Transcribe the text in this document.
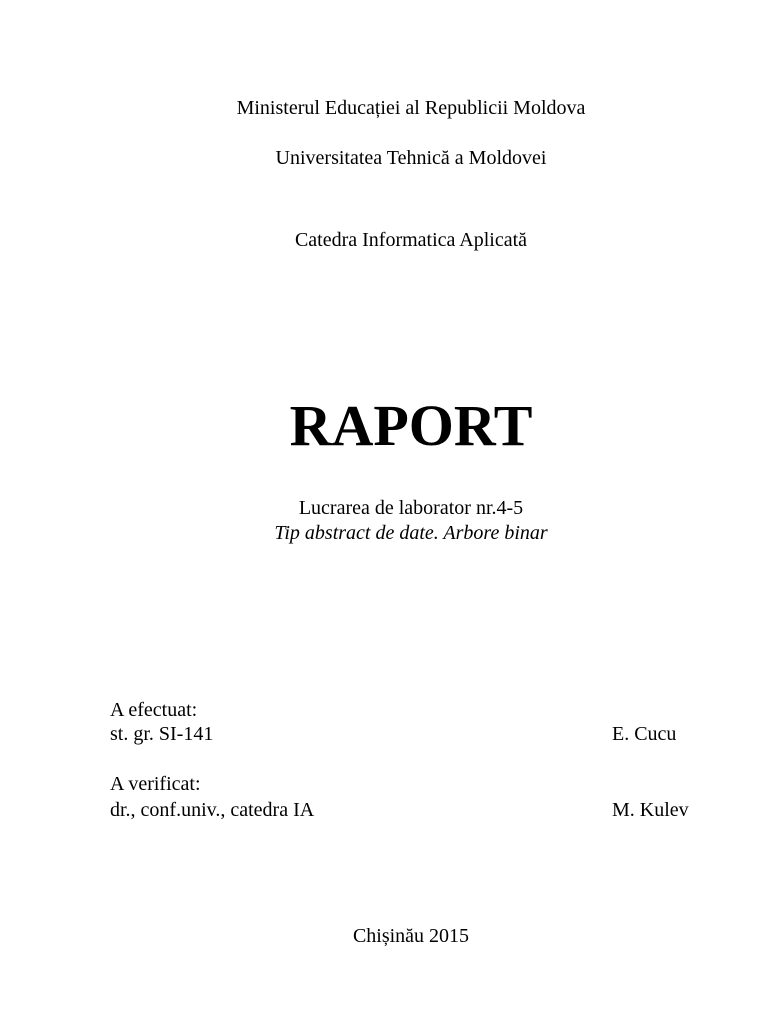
Ministerul Educației al Republicii Moldova
Universitatea Tehnică a Moldovei
Catedra Informatica Aplicată
RAPORT
Lucrarea de laborator nr.4-5
Tip abstract de date. Arbore binar
A efectuat:
st. gr. SI-141	E. Cucu
A verificat:
dr., conf.univ., catedra IA	M. Kulev
Chișinău 2015
